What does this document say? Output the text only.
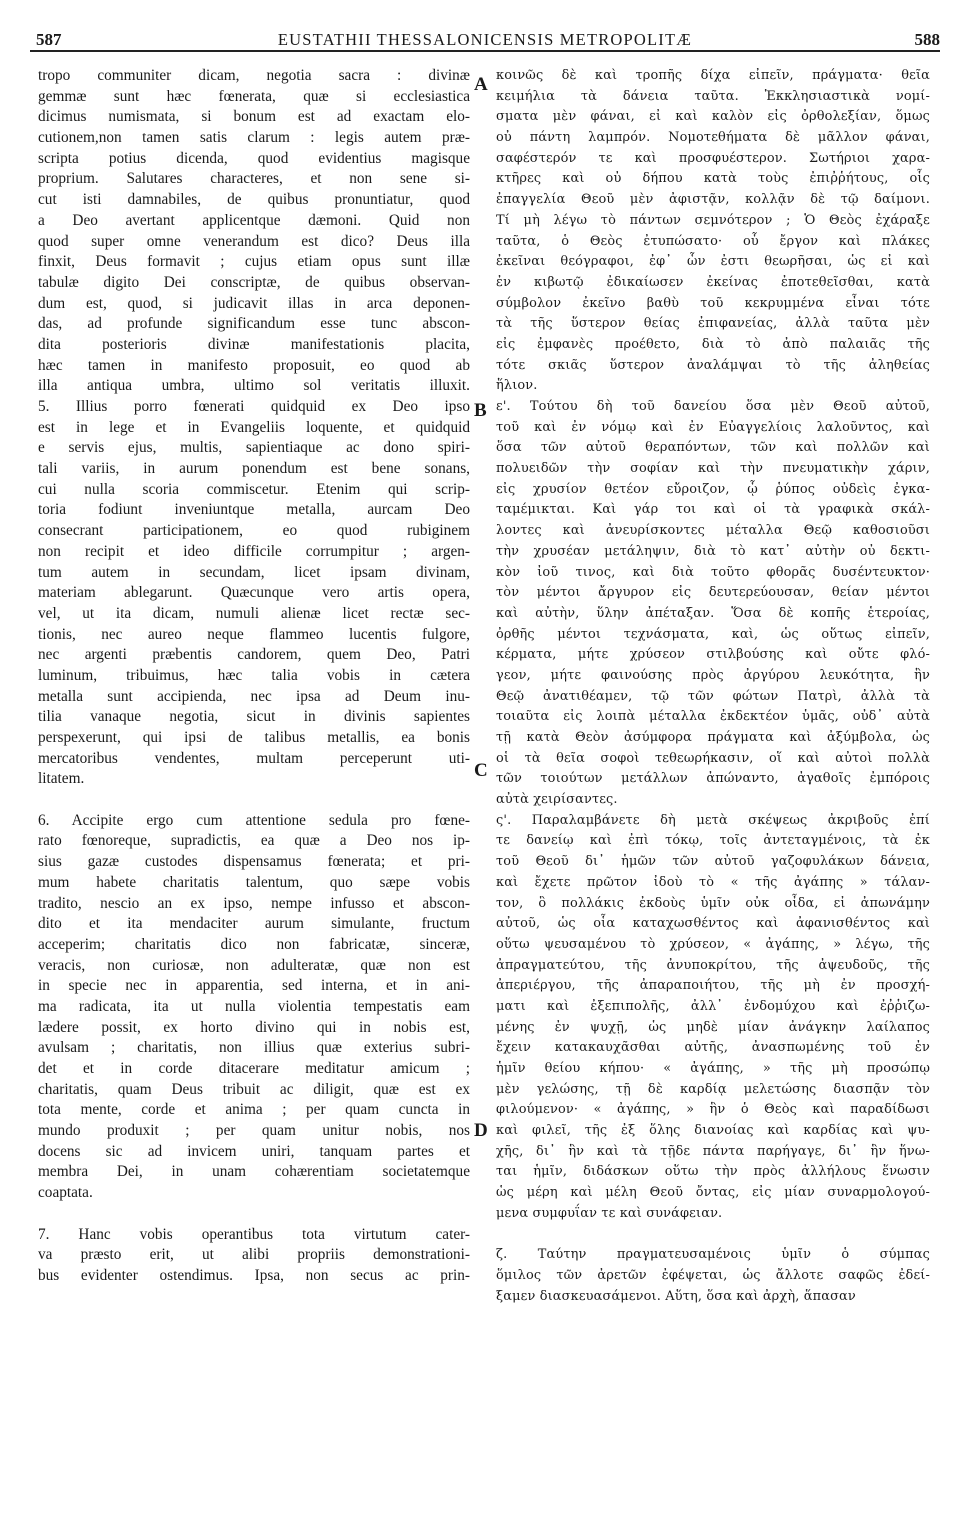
587	EUSTATHII THESSALONICENSIS METROPOLITÆ	588
tropo communiter dicam, negotia sacra : divinæ
gemmæ sunt hæc fœnerata, quæ si ecclesiastica
dicimus numismata, si bonum est ad exactam elo-
cutionem,non tamen satis clarum : legis autem præ-
scripta potius dicenda, quod evidentius magisque
proprium. Salutares characteres, et non sene si-
cut isti damnabiles, de quibus pronuntiatur, quod
a Deo avertant applicentque dæmoni. Quid non
quod super omne venerandum est dico? Deus illa
finxit, Deus formavit ; cujus etiam opus sunt illæ
tabulæ digito Dei conscriptæ, de quibus observan-
dum est, quod, si judicavit illas in arca deponen-
das, ad profunde significandum esse tunc abscon-
dita posterioris divinæ manifestationis placita,
hæc tamen in manifesto proposuit, eo quod ab
illa antiqua umbra, ultimo sol veritatis illuxit.
5. Illius porro fœnerati quidquid ex Deo ipso
est in lege et in Evangeliis loquente, et quidquid
e servis ejus, multis, sapientiaque ac dono spiri-
tali variis, in aurum ponendum est bene sonans,
cui nulla scoria commiscetur. Etenim qui scrip-
toria fodiunt inveniuntque metalla, aurcam Deo
consecrant participationem, eo quod rubiginem
non recipit et ideo difficile corrumpitur ; argen-
tum autem in secundam, licet ipsam divinam,
materiam ablegarunt. Quæcunque vero artis opera,
vel, ut ita dicam, numuli alienæ licet rectæ sec-
tionis, nec aureo neque flammeo lucentis fulgore,
nec argenti præbentis candorem, quem Deo, Patri
luminum, tribuimus, hæc talia vobis in cætera
metalla sunt accipienda, nec ipsa ad Deum inu-
tilia vanaque negotia, sicut in divinis sapientes
perspexerunt, qui ipsi de talibus metallis, ea bonis
mercatoribus vendentes, multam perceperunt uti-
litatem.
6. Accipite ergo cum attentione sedula pro fœne-
rato fœnoreque, supradictis, ea quæ a Deo nos ip-
sius gazæ custodes dispensamus fœnerata; et pri-
mum habete charitatis talentum, quo sæpe vobis
tradito, nescio an ex ipso, nempe infusso et abscon-
dito et ita mendaciter aurum simulante, fructum
acceperim; charitatis dico non fabricatæ, sinceræ,
veracis, non curiosæ, non adulteratæ, quæ non est
in specie nec in apparentia, sed interna, et in ani-
ma radicata, ita ut nulla violentia tempestatis eam
lædere possit, ex horto divino qui in nobis est,
avulsam ; charitatis, non illius quæ exterius subri-
det et in corde ditacerare meditatur amicum ;
charitatis, quam Deus tribuit ac diligit, quæ est ex
tota mente, corde et anima ; per quam cuncta in
mundo produxit ; per quam unitur nobis, nos
docens sic ad invicem uniri, tanquam partes et
membra Dei, in unam cohærentiam societatemque
coaptata.
7. Hanc vobis operantibus tota virtutum cater-
va præsto erit, ut alibi propriis demonstrationi-
bus evidenter ostendimus. Ipsa, non secus ac prin-
κοινῶς δὲ καὶ τροπῆς δίχα εἰπεῖν, πράγματα· θεῖα
κειμήλια τὰ δάνεια ταῦτα. Ἐκκλησιαστικὰ νομί-
σματα μὲν φάναι, εἰ καὶ καλὸν εἰς ὀρθολεξίαν, ὅμως
οὐ πάντη λαμπρόν. Νομοτεθήματα δὲ μᾶλλον φάναι,
σαφέστερόν τε καὶ προσφυέστερον. Σωτήριοι χαρα-
κτῆρες καὶ οὐ δήπου κατὰ τοὺς ἐπιῤῥήτους, οἷς
ἐπαγγελία Θεοῦ μὲν ἀφιστᾷν, κολλᾷν δὲ τῷ δαίμονι.
Τί μὴ λέγω τὸ πάντων σεμνότερον ; Ὁ Θεὸς ἐχάραξε
ταῦτα, ὁ Θεὸς ἐτυπώσατο· οὗ ἔργον καὶ πλάκες
ἐκεῖναι θεόγραφοι, ἐφ᾽ ὧν ἐστι θεωρῆσαι, ὡς εἰ καὶ
ἐν κιβωτῷ ἐδικαίωσεν ἐκείνας ἐποτεθεῖσθαι, κατὰ
σύμβολον ἐκεῖνο βαθὺ τοῦ κεκρυμμένα εἶναι τότε
τὰ τῆς ὕστερον θείας ἐπιφανείας, ἀλλὰ ταῦτα μὲν
εἰς ἐμφανὲς προέθετο, διὰ τὸ ἀπὸ παλαιᾶς τῆς
τότε σκιᾶς ὕστερον ἀναλάμψαι τὸ τῆς ἀληθείας
ἥλιον.
ε'. Τούτου δὴ τοῦ δανείου ὅσα μὲν Θεοῦ αὐτοῦ,
τοῦ καὶ ἐν νόμῳ καὶ ἐν Εὐαγγελίοις λαλοῦντος, καὶ
ὅσα τῶν αὐτοῦ θεραπόντων, τῶν καὶ πολλῶν καὶ
πολυειδῶν τὴν σοφίαν καὶ τὴν πνευματικὴν χάριν,
εἰς χρυσίον θετέον εὔροιζον, ᾧ ῥύπος οὐδεὶς ἐγκα-
ταμέμικται. Καὶ γάρ τοι καὶ οἱ τὰ γραφικὰ σκάλ-
λοντες καὶ ἀνευρίσκοντες μέταλλα Θεῷ καθοσιοῦσι
τὴν χρυσέαν μετάληψιν, διὰ τὸ κατ᾽ αὐτὴν οὐ δεκτι-
κὸν ἰοῦ τινος, καὶ διὰ τοῦτο φθορᾶς δυσέντευκτον·
τὸν μέντοι ἄργυρον εἰς δευτερεύουσαν, θείαν μέντοι
καὶ αὐτὴν, ὕλην ἀπέταξαν. Ὅσα δὲ κοπῆς ἑτεροίας,
ὀρθῆς μέντοι τεχνάσματα, καὶ, ὡς οὕτως εἰπεῖν,
κέρματα, μήτε χρύσεον στιλβούσης καὶ οὔτε φλό-
γεον, μήτε φαινούσης πρὸς ἀργύρου λευκότητα, ἣν
Θεῷ ἀνατιθέαμεν, τῷ τῶν φώτων Πατρὶ, ἀλλὰ τὰ
τοιαῦτα εἰς λοιπὰ μέταλλα ἐκδεκτέον ὑμᾶς, οὐδ᾽ αὐτὰ
τῇ κατὰ Θεὸν ἀσύμφορα πράγματα καὶ ἀξύμβολα, ὡς
οἱ τὰ θεῖα σοφοὶ τεθεωρήκασιν, οἵ καὶ αὐτοὶ πολλὰ
τῶν τοιούτων μετάλλων ἀπώναντο, ἀγαθοῖς ἐμπόροις
αὐτὰ χειρίσαντες.
ς'. Παραλαμβάνετε δὴ μετὰ σκέψεως ἀκριβοῦς ἐπί
τε δανείῳ καὶ ἐπὶ τόκῳ, τοῖς ἀντεταγμένοις, τὰ ἐκ
τοῦ Θεοῦ δι᾽ ἡμῶν τῶν αὐτοῦ γαζοφυλάκων δάνεια,
καὶ ἔχετε πρῶτον ἰδοὺ τὸ « τῆς ἀγάπης » τάλαν-
τον, ὃ πολλάκις ἐκδοὺς ὑμῖν οὐκ οἶδα, εἰ ἀπωνάμην
αὐτοῦ, ὡς οἷα καταχωσθέντος καὶ ἀφανισθέντος καὶ
οὕτω ψευσαμένου τὸ χρύσεον, « ἀγάπης, » λέγω, τῆς
ἀπραγματεύτου, τῆς ἀνυποκρίτου, τῆς ἀψευδοῦς, τῆς
ἀπεριέργου, τῆς ἀπαραποιήτου, τῆς μὴ ἐν προσχή-
ματι καὶ ἐξεπιπολῆς, ἀλλ᾽ ἐνδομύχου καὶ ἐῤῥιζω-
μένης ἐν ψυχῇ, ὡς μηδὲ μίαν ἀνάγκην λαίλαπος
ἔχειν κατακαυχᾶσθαι αὐτῆς, ἀνασπωμένης τοῦ ἐν
ἡμῖν θείου κήπου· « ἀγάπης, » τῆς μὴ προσώπῳ
μὲν γελώσης, τῇ δὲ καρδίᾳ μελετώσης διασπᾷν τὸν
φιλούμενον· « ἀγάπης, » ἣν ὁ Θεὸς καὶ παραδίδωσι
καὶ φιλεῖ, τῆς ἐξ ὅλης διανοίας καὶ καρδίας καὶ ψυ-
χῆς, δι᾽ ἣν καὶ τὰ τῇδε πάντα παρήγαγε, δι᾽ ἣν ἥνω-
ται ἡμῖν, διδάσκων οὕτω τὴν πρὸς ἀλλήλους ἕνωσιν
ὡς μέρη καὶ μέλη Θεοῦ ὄντας, εἰς μίαν συναρμολογού-
μενα συμφυΐαν τε καὶ συνάφειαν.
ζ. Ταύτην πραγματευσαμένοις ὑμῖν ὁ σύμπας
ὅμιλος τῶν ἀρετῶν ἐφέψεται, ὡς ἄλλοτε σαφῶς ἐδεί-
ξαμεν διασκευασάμενοι. Αὕτη, ὅσα καὶ ἀρχὴ, ἅπασαν
A
B
C
D
